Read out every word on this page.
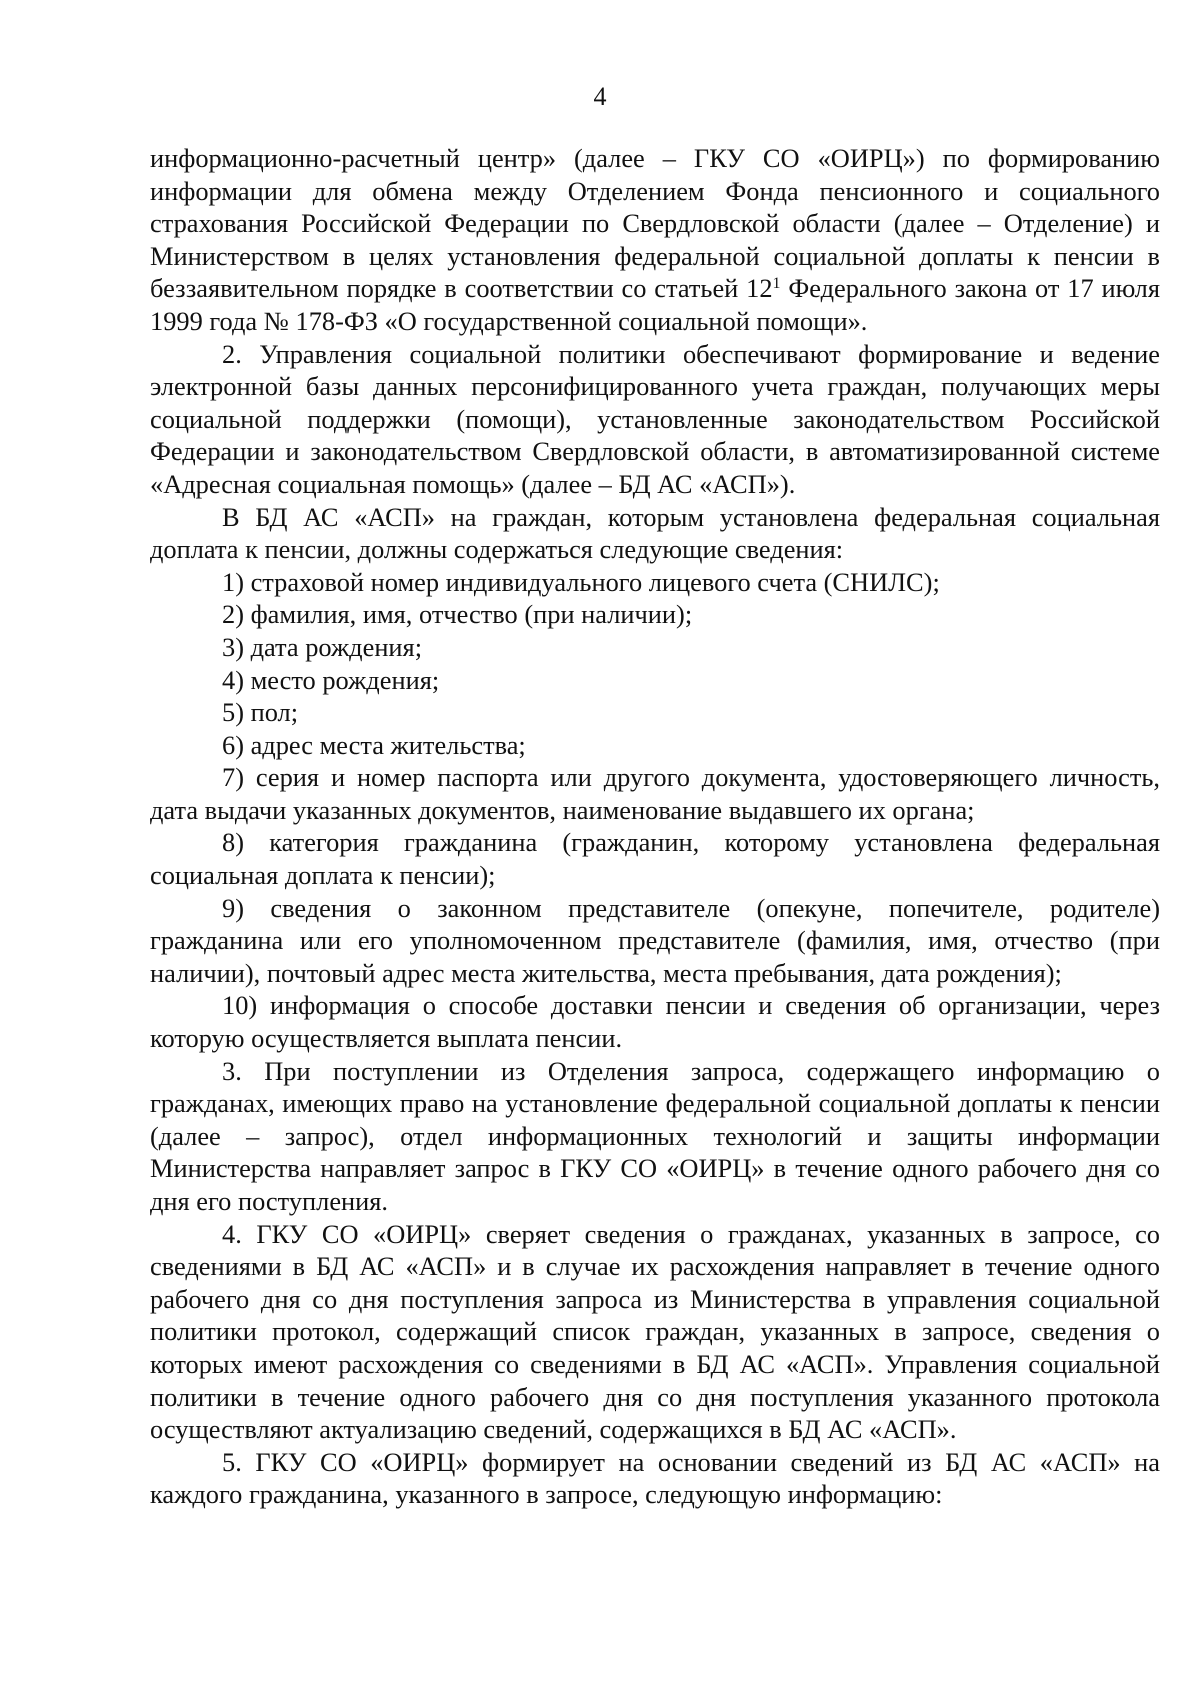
4

информационно-расчетный центр» (далее – ГКУ СО «ОИРЦ») по формированию информации для обмена между Отделением Фонда пенсионного и социального страхования Российской Федерации по Свердловской области (далее – Отделение) и Министерством в целях установления федеральной социальной доплаты к пенсии в беззаявительном порядке в соответствии со статьей $12^1$ Федерального закона от 17 июля 1999 года № 178-ФЗ «О государственной социальной помощи».

2. Управления социальной политики обеспечивают формирование и ведение электронной базы данных персонифицированного учета граждан, получающих меры социальной поддержки (помощи), установленные законодательством Российской Федерации и законодательством Свердловской области, в автоматизированной системе «Адресная социальная помощь» (далее – БД АС «АСП»).

В БД АС «АСП» на граждан, которым установлена федеральная социальная доплата к пенсии, должны содержаться следующие сведения:

1) страховой номер индивидуального лицевого счета (СНИЛС);

2) фамилия, имя, отчество (при наличии);

3) дата рождения;

4) место рождения;

5) пол;

6) адрес места жительства;

7) серия и номер паспорта или другого документа, удостоверяющего личность, дата выдачи указанных документов, наименование выдавшего их органа;

8) категория гражданина (гражданин, которому установлена федеральная социальная доплата к пенсии);

9) сведения о законном представителе (опекуне, попечителе, родителе) гражданина или его уполномоченном представителе (фамилия, имя, отчество (при наличии), почтовый адрес места жительства, места пребывания, дата рождения);

10) информация о способе доставки пенсии и сведения об организации, через которую осуществляется выплата пенсии.

3. При поступлении из Отделения запроса, содержащего информацию о гражданах, имеющих право на установление федеральной социальной доплаты к пенсии (далее – запрос), отдел информационных технологий и защиты информации Министерства направляет запрос в ГКУ СО «ОИРЦ» в течение одного рабочего дня со дня его поступления.

4. ГКУ СО «ОИРЦ» сверяет сведения о гражданах, указанных в запросе, со сведениями в БД АС «АСП» и в случае их расхождения направляет в течение одного рабочего дня со дня поступления запроса из Министерства в управления социальной политики протокол, содержащий список граждан, указанных в запросе, сведения о которых имеют расхождения со сведениями в БД АС «АСП». Управления социальной политики в течение одного рабочего дня со дня поступления указанного протокола осуществляют актуализацию сведений, содержащихся в БД АС «АСП».

5. ГКУ СО «ОИРЦ» формирует на основании сведений из БД АС «АСП» на каждого гражданина, указанного в запросе, следующую информацию:
